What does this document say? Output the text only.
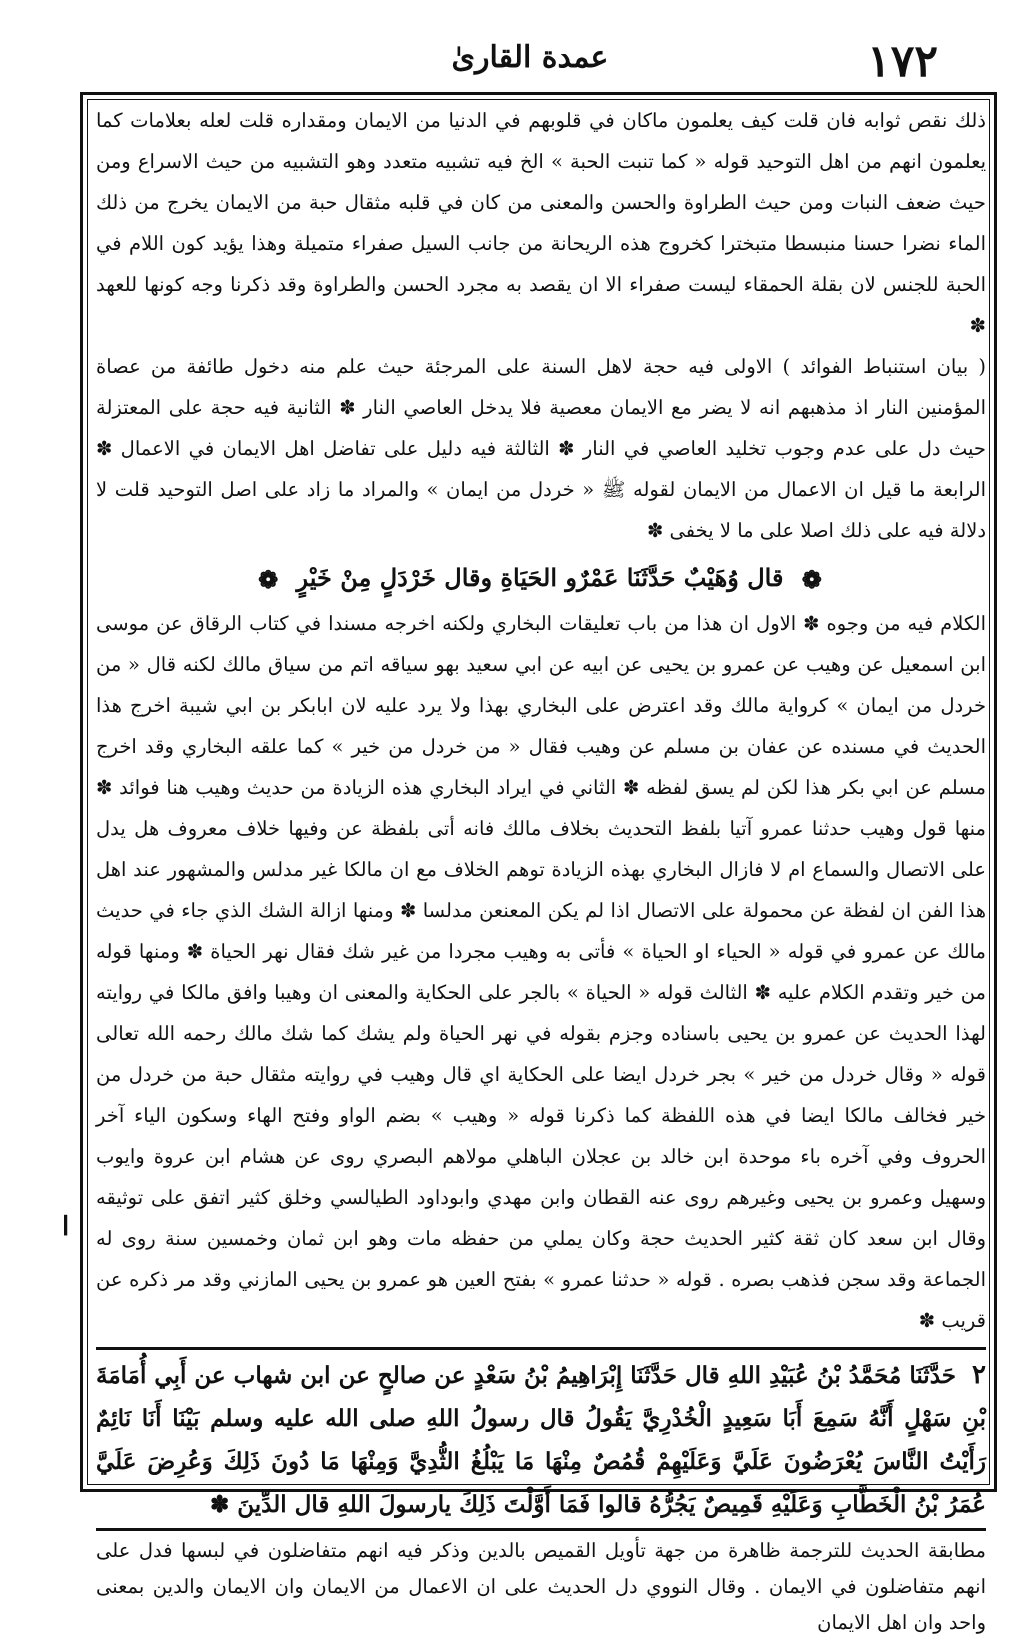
عمدة القاریٰ	١٧٢
ا

ذلك نقص ثوابه فان قلت كيف يعلمون ماكان في قلوبهم في الدنيا من الايمان ومقداره قلت لعله بعلامات كما يعلمون انهم من اهل التوحيد قوله « كما تنبت الحبة » الخ فيه تشبيه متعدد وهو التشبيه من حيث الاسراع ومن حيث ضعف النبات ومن حيث الطراوة والحسن والمعنى من كان في قلبه مثقال حبة من الايمان يخرج من ذلك الماء نضرا حسنا منبسطا متبخترا كخروج هذه الريحانة من جانب السيل صفراء متميلة وهذا يؤيد كون اللام في الحبة للجنس لان بقلة الحمقاء ليست صفراء الا ان يقصد به مجرد الحسن والطراوة وقد ذكرنا وجه كونها للعهد ✽

( بيان استنباط الفوائد ) الاولى فيه حجة لاهل السنة على المرجئة حيث علم منه دخول طائفة من عصاة المؤمنين النار اذ مذهبهم انه لا يضر مع الايمان معصية فلا يدخل العاصي النار ✽ الثانية فيه حجة على المعتزلة حيث دل على عدم وجوب تخليد العاصي في النار ✽ الثالثة فيه دليل على تفاضل اهل الايمان في الاعمال ✽ الرابعة ما قيل ان الاعمال من الايمان لقوله ﷺ « خردل من ايمان » والمراد ما زاد على اصل التوحيد قلت لا دلالة فيه على ذلك اصلا على ما لا يخفى ✽

❁ قال وُهَيْبٌ حَدَّثَنَا عَمْرٌو الحَيَاةِ وقال خَرْدَلٍ مِنْ خَيْرٍ ❁

الكلام فيه من وجوه ✽ الاول ان هذا من باب تعليقات البخاري ولكنه اخرجه مسندا في كتاب الرقاق عن موسى ابن اسمعيل عن وهيب عن عمرو بن يحيى عن ابيه عن ابي سعيد بهو سياقه اتم من سياق مالك لكنه قال « من خردل من ايمان » كرواية مالك وقد اعترض على البخاري بهذا ولا يرد عليه لان ابابكر بن ابي شيبة اخرج هذا الحديث في مسنده عن عفان بن مسلم عن وهيب فقال « من خردل من خير » كما علقه البخاري وقد اخرج مسلم عن ابي بكر هذا لكن لم يسق لفظه ✽ الثاني في ايراد البخاري هذه الزيادة من حديث وهيب هنا فوائد ✽ منها قول وهيب حدثنا عمرو آتيا بلفظ التحديث بخلاف مالك فانه أتى بلفظة عن وفيها خلاف معروف هل يدل على الاتصال والسماع ام لا فازال البخاري بهذه الزيادة توهم الخلاف مع ان مالكا غير مدلس والمشهور عند اهل هذا الفن ان لفظة عن محمولة على الاتصال اذا لم يكن المعنعن مدلسا ✽ ومنها ازالة الشك الذي جاء في حديث مالك عن عمرو في قوله « الحياء او الحياة » فأتى به وهيب مجردا من غير شك فقال نهر الحياة ✽ ومنها قوله من خير وتقدم الكلام عليه ✽ الثالث قوله « الحياة » بالجر على الحكاية والمعنى ان وهيبا وافق مالكا في روايته لهذا الحديث عن عمرو بن يحيى باسناده وجزم بقوله في نهر الحياة ولم يشك كما شك مالك رحمه الله تعالى قوله « وقال خردل من خير » بجر خردل ايضا على الحكاية اي قال وهيب في روايته مثقال حبة من خردل من خير فخالف مالكا ايضا في هذه اللفظة كما ذكرنا قوله « وهيب » بضم الواو وفتح الهاء وسكون الياء آخر الحروف وفي آخره باء موحدة ابن خالد بن عجلان الباهلي مولاهم البصري روى عن هشام ابن عروة وايوب وسهيل وعمرو بن يحيى وغيرهم روى عنه القطان وابن مهدي وابوداود الطيالسي وخلق كثير اتفق على توثيقه وقال ابن سعد كان ثقة كثير الحديث حجة وكان يملي من حفظه مات وهو ابن ثمان وخمسين سنة روى له الجماعة وقد سجن فذهب بصره . قوله « حدثنا عمرو » بفتح العين هو عمرو بن يحيى المازني وقد مر ذكره عن قريب ✽

٢ حَدَّثَنَا مُحَمَّدُ بْنُ عُبَيْدِ اللهِ قال حَدَّثَنَا إِبْرَاهِيمُ بْنُ سَعْدٍ عن صالحٍ عن ابن شهاب عن أَبِي أُمَامَةَ بْنِ سَهْلٍ أَنَّهُ سَمِعَ أَبَا سَعِيدٍ الْخُدْرِيَّ يَقُولُ قال رسولُ اللهِ صلى الله عليه وسلم بَيْنَا أَنَا نَائِمٌ رَأَيْتُ النَّاسَ يُعْرَضُونَ عَلَيَّ وَعَلَيْهِمْ قُمُصٌ مِنْهَا مَا يَبْلُغُ الثُّدِيَّ وَمِنْهَا مَا دُونَ ذَلِكَ وَعُرِضَ عَلَيَّ عُمَرُ بْنُ الْخَطَّابِ وَعَلَيْهِ قَمِيصٌ يَجُرُّهُ قالوا فَمَا أَوَّلْتَ ذَلِكَ يارسولَ اللهِ قال الدِّينَ ✽
مطابقة الحديث للترجمة ظاهرة من جهة تأويل القميص بالدين وذكر فيه انهم متفاضلون في لبسها فدل على انهم متفاضلون في الايمان . وقال النووي دل الحديث على ان الاعمال من الايمان وان الايمان والدين بمعنى واحد وان اهل الايمان
